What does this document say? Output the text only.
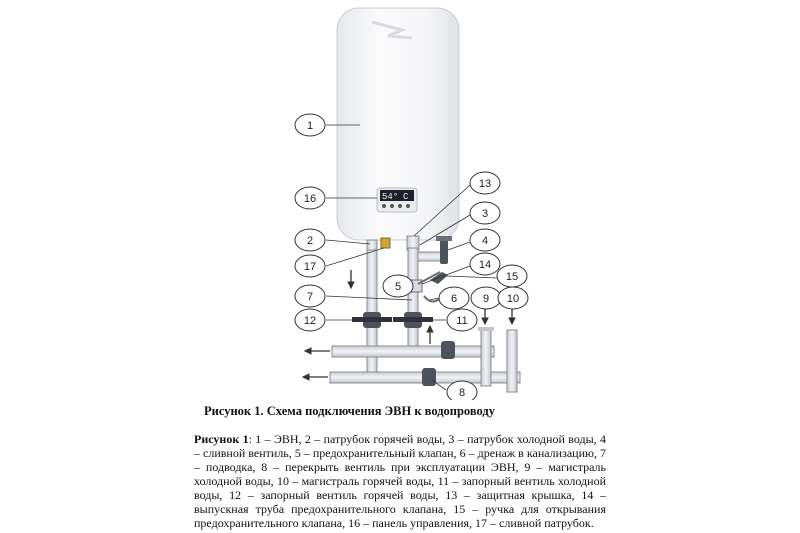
54° C
1
16
2
17
7
12
13
3
4
14
15
5
6 9 10
11
8
Рисунок 1. Схема подключения ЭВН к водопроводу
Рисунок 1: 1 – ЭВН, 2 – патрубок горячей воды, 3 – патрубок холодной воды, 4 – сливной вентиль, 5 – предохранительный клапан, 6 – дренаж в канализацию, 7 – подводка, 8 – перекрыть вентиль при эксплуатации ЭВН, 9 – магистраль холодной воды, 10 – магистраль горячей воды, 11 – запорный вентиль холодной воды, 12 – запорный вентиль горячей воды, 13 – защитная крышка, 14 – выпускная труба предохранительного клапана, 15 – ручка для открывания предохранительного клапана, 16 – панель управления, 17 – сливной патрубок.
